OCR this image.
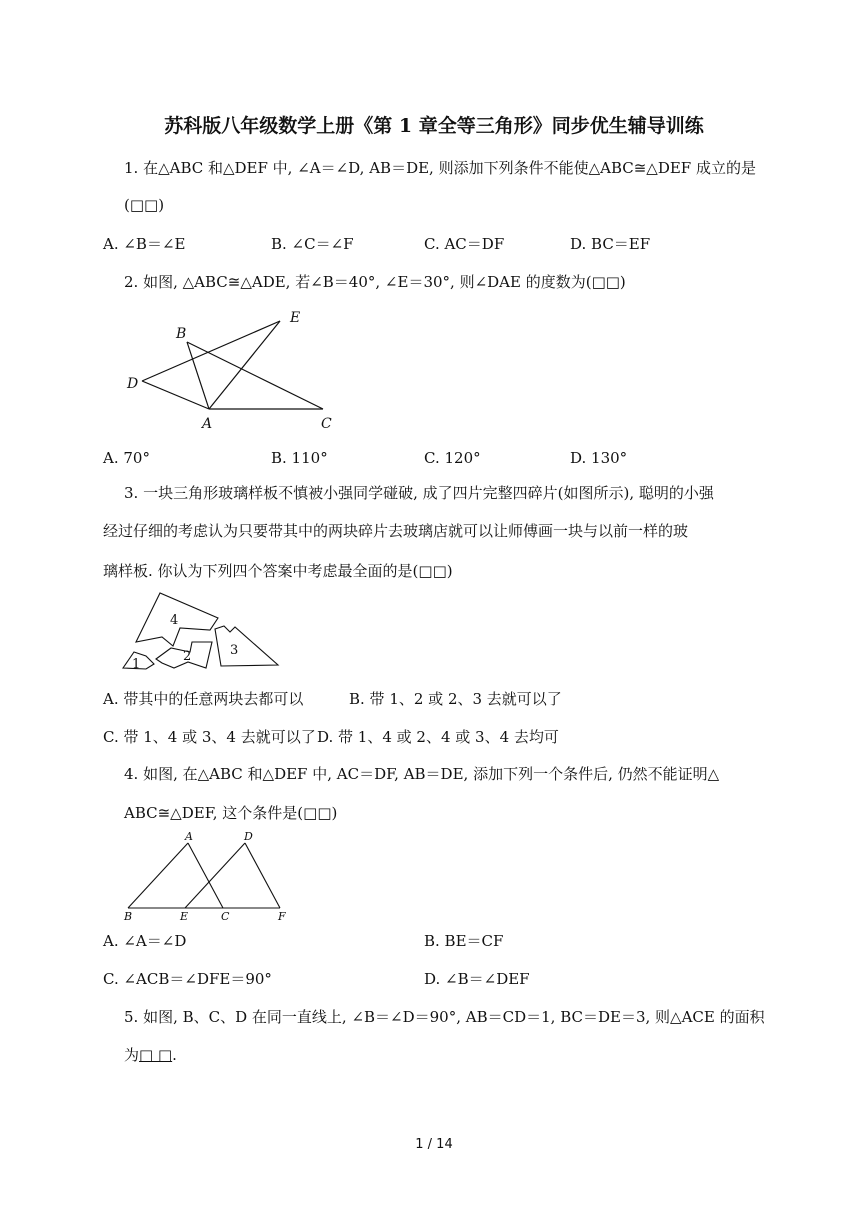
苏科版八年级数学上册《第 1 章全等三角形》同步优生辅导训练
1. 在△ABC 和△DEF 中, ∠A＝∠D, AB＝DE, 则添加下列条件不能使△ABC≅△DEF 成立的是
(□□)
A. ∠B＝∠E	B. ∠C＝∠F	C. AC＝DF	D. BC＝EF
2. 如图, △ABC≅△ADE, 若∠B＝40°, ∠E＝30°, 则∠DAE 的度数为(□□)
B
E
D
A	C
A. 70°	B. 110°	C. 120°	D. 130°
3. 一块三角形玻璃样板不慎被小强同学碰破, 成了四片完整四碎片(如图所示), 聪明的小强
经过仔细的考虑认为只要带其中的两块碎片去玻璃店就可以让师傅画一块与以前一样的玻
璃样板. 你认为下列四个答案中考虑最全面的是(□□)
4
3
2
1
A. 带其中的任意两块去都可以	B. 带 1、2 或 2、3 去就可以了
C. 带 1、4 或 3、4 去就可以了 D. 带 1、4 或 2、4 或 3、4 去均可
4. 如图, 在△ABC 和△DEF 中, AC＝DF, AB＝DE, 添加下列一个条件后, 仍然不能证明△
ABC≅△DEF, 这个条件是(□□)
A	D
B	E	C	F
A. ∠A＝∠D	B. BE＝CF
C. ∠ACB＝∠DFE＝90°	D. ∠B＝∠DEF
5. 如图, B、C、D 在同一直线上, ∠B＝∠D＝90°, AB＝CD＝1, BC＝DE＝3, 则△ACE 的面积
为□ □.
1 / 14
